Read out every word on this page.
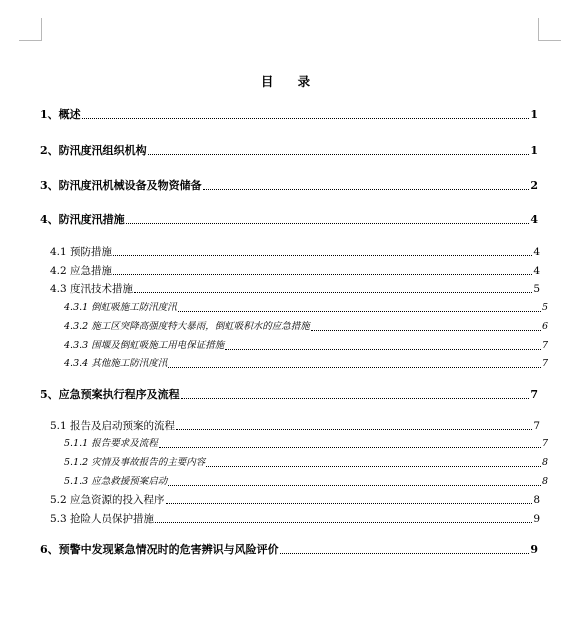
目 录
1、概述	1
2、防汛度汛组织机构	1
3、防汛度汛机械设备及物资储备	2
4、防汛度汛措施	4
4.1 预防措施	4
4.2 应急措施	4
4.3 度汛技术措施	5
4.3.1 倒虹吸施工防汛度汛	5
4.3.2 施工区突降高强度特大暴雨，倒虹吸积水的应急措施	6
4.3.3 围堰及倒虹吸施工用电保证措施	7
4.3.4 其他施工防汛度汛	7
5、应急预案执行程序及流程	7
5.1 报告及启动预案的流程	7
5.1.1 报告要求及流程	7
5.1.2 灾情及事故报告的主要内容	8
5.1.3 应急救援预案启动	8
5.2 应急资源的投入程序	8
5.3 抢险人员保护措施	9
6、预警中发现紧急情况时的危害辨识与风险评价	9
